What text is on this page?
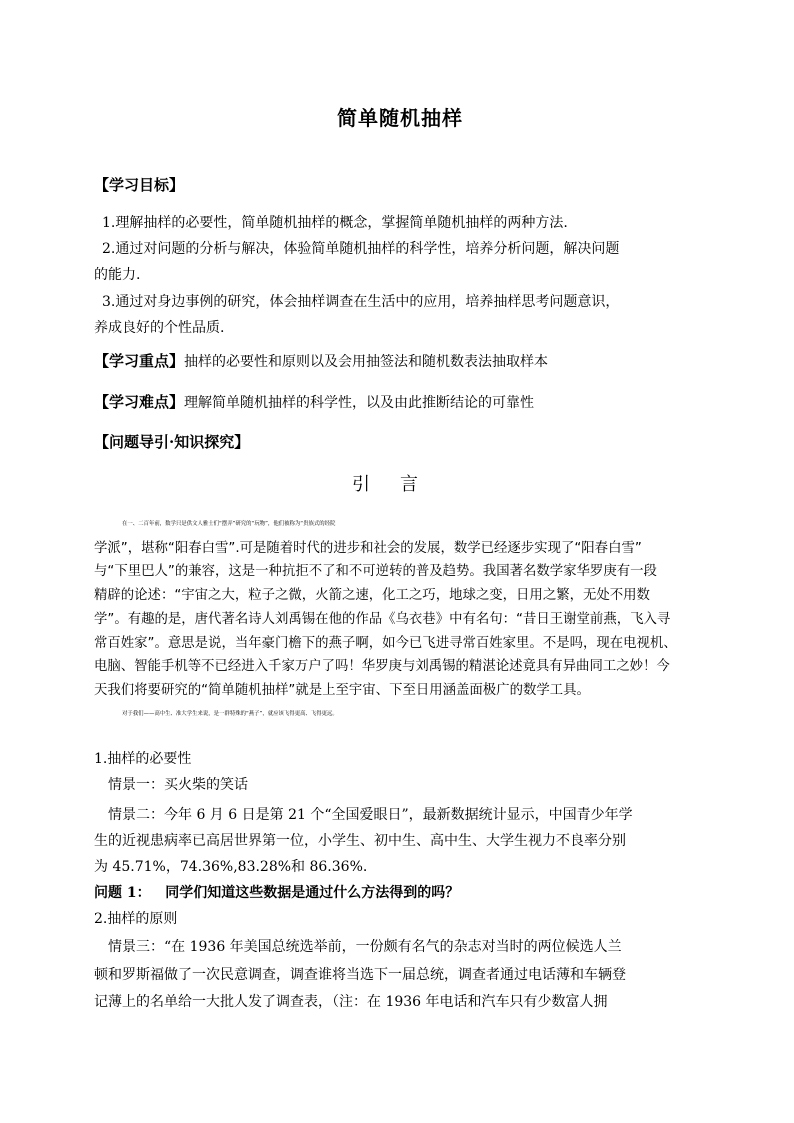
简单随机抽样
【学习目标】
1.理解抽样的必要性，简单随机抽样的概念，掌握简单随机抽样的两种方法.
2.通过对问题的分析与解决，体验简单随机抽样的科学性，培养分析问题，解决问题
的能力.
3.通过对身边事例的研究，体会抽样调查在生活中的应用，培养抽样思考问题意识，
养成良好的个性品质.
【学习重点】抽样的必要性和原则以及会用抽签法和随机数表法抽取样本
【学习难点】理解简单随机抽样的科学性，以及由此推断结论的可靠性
【问题导引·知识探究】
引言

在一、二百年前，数学只是供文人雅士们“摆弄”研究的“玩物”，他们被称为“贵族式的经院

学派”，堪称“阳春白雪”.可是随着时代的进步和社会的发展，数学已经逐步实现了“阳春白雪”

与“下里巴人”的兼容，这是一种抗拒不了和不可逆转的普及趋势。我国著名数学家华罗庚有一段

精辟的论述：“宇宙之大，粒子之微，火箭之速，化工之巧，地球之变，日用之繁，无处不用数

学”。有趣的是，唐代著名诗人刘禹锡在他的作品《乌衣巷》中有名句：“昔日王谢堂前燕，飞入寻

常百姓家”。意思是说，当年豪门檐下的燕子啊，如今已飞进寻常百姓家里。不是吗，现在电视机、

电脑、智能手机等不已经进入千家万户了吗！华罗庚与刘禹锡的精湛论述竟具有异曲同工之妙！今

天我们将要研究的“简单随机抽样”就是上至宇宙、下至日用涵盖面极广的数学工具。

对于我们——高中生、准大学生来说，是一群特殊的“燕子”，就应该飞得更高、飞得更远。

1.抽样的必要性
情景一：买火柴的笑话
情景二：今年 6 月 6 日是第 21 个“全国爱眼日”，最新数据统计显示，中国青少年学
生的近视患病率已高居世界第一位，小学生、初中生、高中生、大学生视力不良率分别
为 45.71%，74.36%,83.28%和 86.36%.
问题 1： 同学们知道这些数据是通过什么方法得到的吗？
2.抽样的原则
情景三：“在 1936 年美国总统选举前，一份颇有名气的杂志对当时的两位候选人兰
顿和罗斯福做了一次民意调查，调查谁将当选下一届总统，调查者通过电话薄和车辆登
记薄上的名单给一大批人发了调查表，（注：在 1936 年电话和汽车只有少数富人拥
